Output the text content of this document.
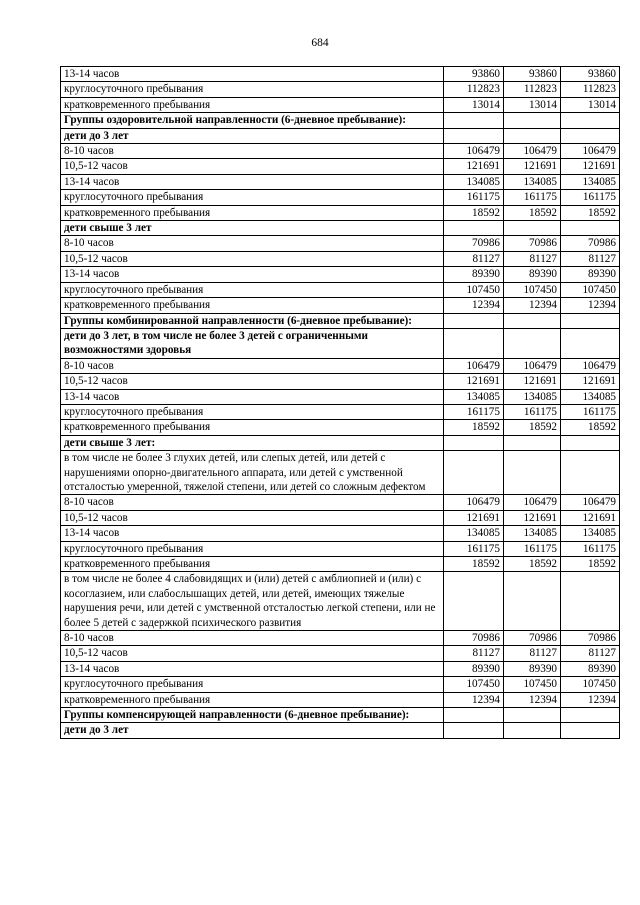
684
13-14 часов	93860	93860	93860
круглосуточного пребывания	112823	112823	112823
кратковременного пребывания	13014	13014	13014
Группы оздоровительной направленности (6-дневное пребывание):			
дети до 3 лет			
8-10 часов	106479	106479	106479
10,5-12 часов	121691	121691	121691
13-14 часов	134085	134085	134085
круглосуточного пребывания	161175	161175	161175
кратковременного пребывания	18592	18592	18592
дети свыше 3 лет			
8-10 часов	70986	70986	70986
10,5-12 часов	81127	81127	81127
13-14 часов	89390	89390	89390
круглосуточного пребывания	107450	107450	107450
кратковременного пребывания	12394	12394	12394
Группы комбинированной направленности (6-дневное пребывание):			
дети до 3 лет, в том числе не более 3 детей с ограниченными возможностями здоровья			
8-10 часов	106479	106479	106479
10,5-12 часов	121691	121691	121691
13-14 часов	134085	134085	134085
круглосуточного пребывания	161175	161175	161175
кратковременного пребывания	18592	18592	18592
дети свыше 3 лет:			
в том числе не более 3 глухих детей, или слепых детей, или детей с нарушениями опорно-двигательного аппарата, или детей с умственной отсталостью умеренной, тяжелой степени, или детей со сложным дефектом			
8-10 часов	106479	106479	106479
10,5-12 часов	121691	121691	121691
13-14 часов	134085	134085	134085
круглосуточного пребывания	161175	161175	161175
кратковременного пребывания	18592	18592	18592
в том числе не более 4 слабовидящих и (или) детей с амблиопией и (или) с косоглазием, или слабослышащих детей, или детей, имеющих тяжелые нарушения речи, или детей с умственной отсталостью легкой степени, или не более 5 детей с задержкой психического развития			
8-10 часов	70986	70986	70986
10,5-12 часов	81127	81127	81127
13-14 часов	89390	89390	89390
круглосуточного пребывания	107450	107450	107450
кратковременного пребывания	12394	12394	12394
Группы компенсирующей направленности (6-дневное пребывание):			
дети до 3 лет			
